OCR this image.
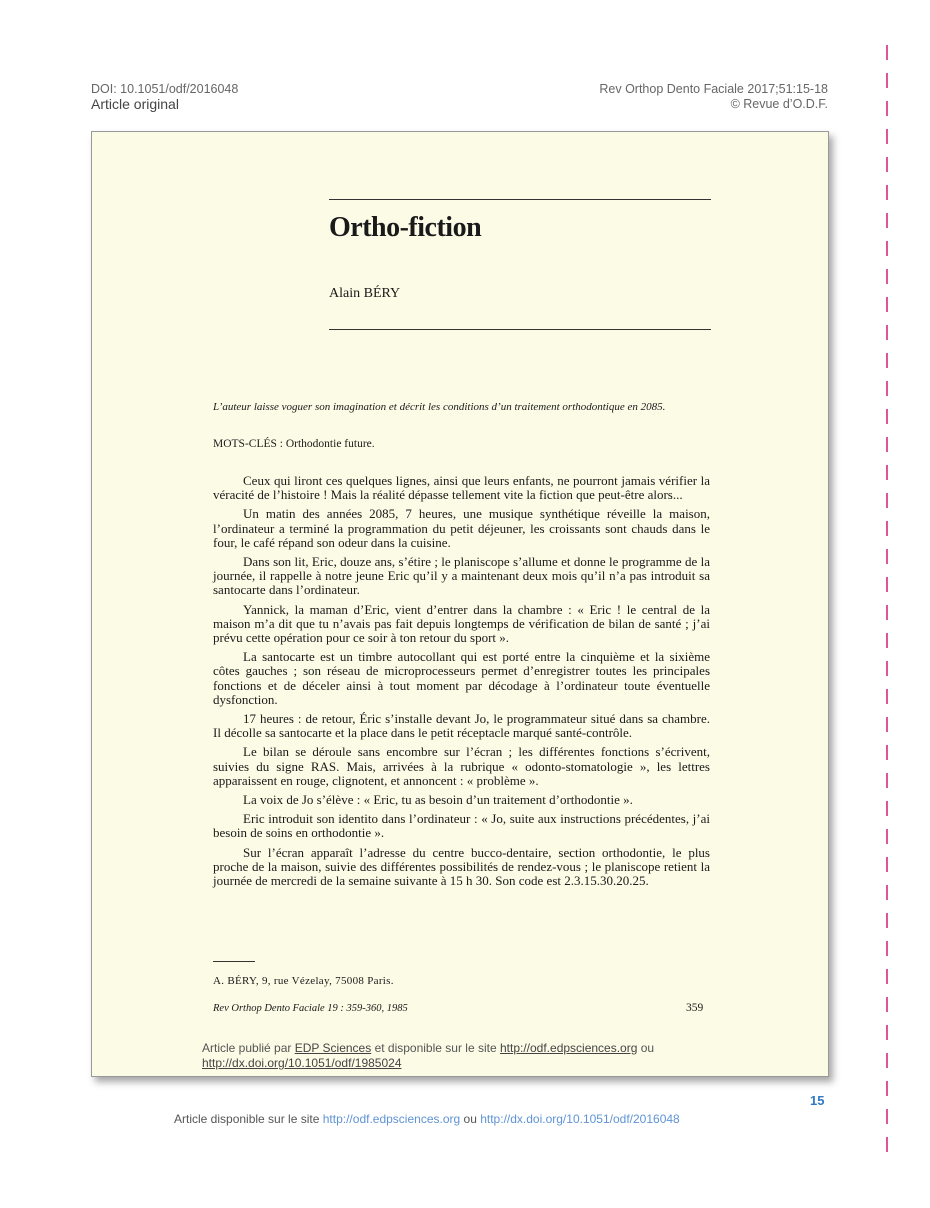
DOI: 10.1051/odf/2016048
Article original
Rev Orthop Dento Faciale 2017;51:15-18
© Revue d’O.D.F.
Ortho-fiction
Alain BÉRY
L’auteur laisse voguer son imagination et décrit les conditions d’un traitement orthodontique en 2085.
MOTS-CLÉS : Orthodontie future.

Ceux qui liront ces quelques lignes, ainsi que leurs enfants, ne pourront jamais vérifier la véracité de l’histoire ! Mais la réalité dépasse tellement vite la fiction que peut-être alors...

Un matin des années 2085, 7 heures, une musique synthétique réveille la maison, l’ordinateur a terminé la programmation du petit déjeuner, les croissants sont chauds dans le four, le café répand son odeur dans la cuisine.

Dans son lit, Eric, douze ans, s’étire ; le planiscope s’allume et donne le programme de la journée, il rappelle à notre jeune Eric qu’il y a maintenant deux mois qu’il n’a pas introduit sa santocarte dans l’ordinateur.

Yannick, la maman d’Eric, vient d’entrer dans la chambre : « Eric ! le central de la maison m’a dit que tu n’avais pas fait depuis longtemps de vérification de bilan de santé ; j’ai prévu cette opération pour ce soir à ton retour du sport ».

La santocarte est un timbre autocollant qui est porté entre la cinquième et la sixième côtes gauches ; son réseau de microprocesseurs permet d’enregistrer toutes les principales fonctions et de déceler ainsi à tout moment par décodage à l’ordinateur toute éventuelle dysfonction.

17 heures : de retour, Éric s’installe devant Jo, le programmateur situé dans sa chambre. Il décolle sa santocarte et la place dans le petit réceptacle marqué santé-contrôle.

Le bilan se déroule sans encombre sur l’écran ; les différentes fonctions s’écrivent, suivies du signe RAS. Mais, arrivées à la rubrique « odonto-stomatologie », les lettres apparaissent en rouge, clignotent, et annoncent : « problème ».

La voix de Jo s’élève : « Eric, tu as besoin d’un traitement d’orthodontie ».

Eric introduit son identito dans l’ordinateur : « Jo, suite aux instructions précédentes, j’ai besoin de soins en orthodontie ».

Sur l’écran apparaît l’adresse du centre bucco-dentaire, section orthodontie, le plus proche de la maison, suivie des différentes possibilités de rendez-vous ; le planiscope retient la journée de mercredi de la semaine suivante à 15 h 30. Son code est 2.3.15.30.20.25.

A. BÉRY, 9, rue Vézelay, 75008 Paris.
Rev Orthop Dento Faciale 19 : 359-360, 1985	359
Article publié par EDP Sciences et disponible sur le site http://odf.edpsciences.org ou
http://dx.doi.org/10.1051/odf/1985024
15
Article disponible sur le site http://odf.edpsciences.org ou http://dx.doi.org/10.1051/odf/2016048
